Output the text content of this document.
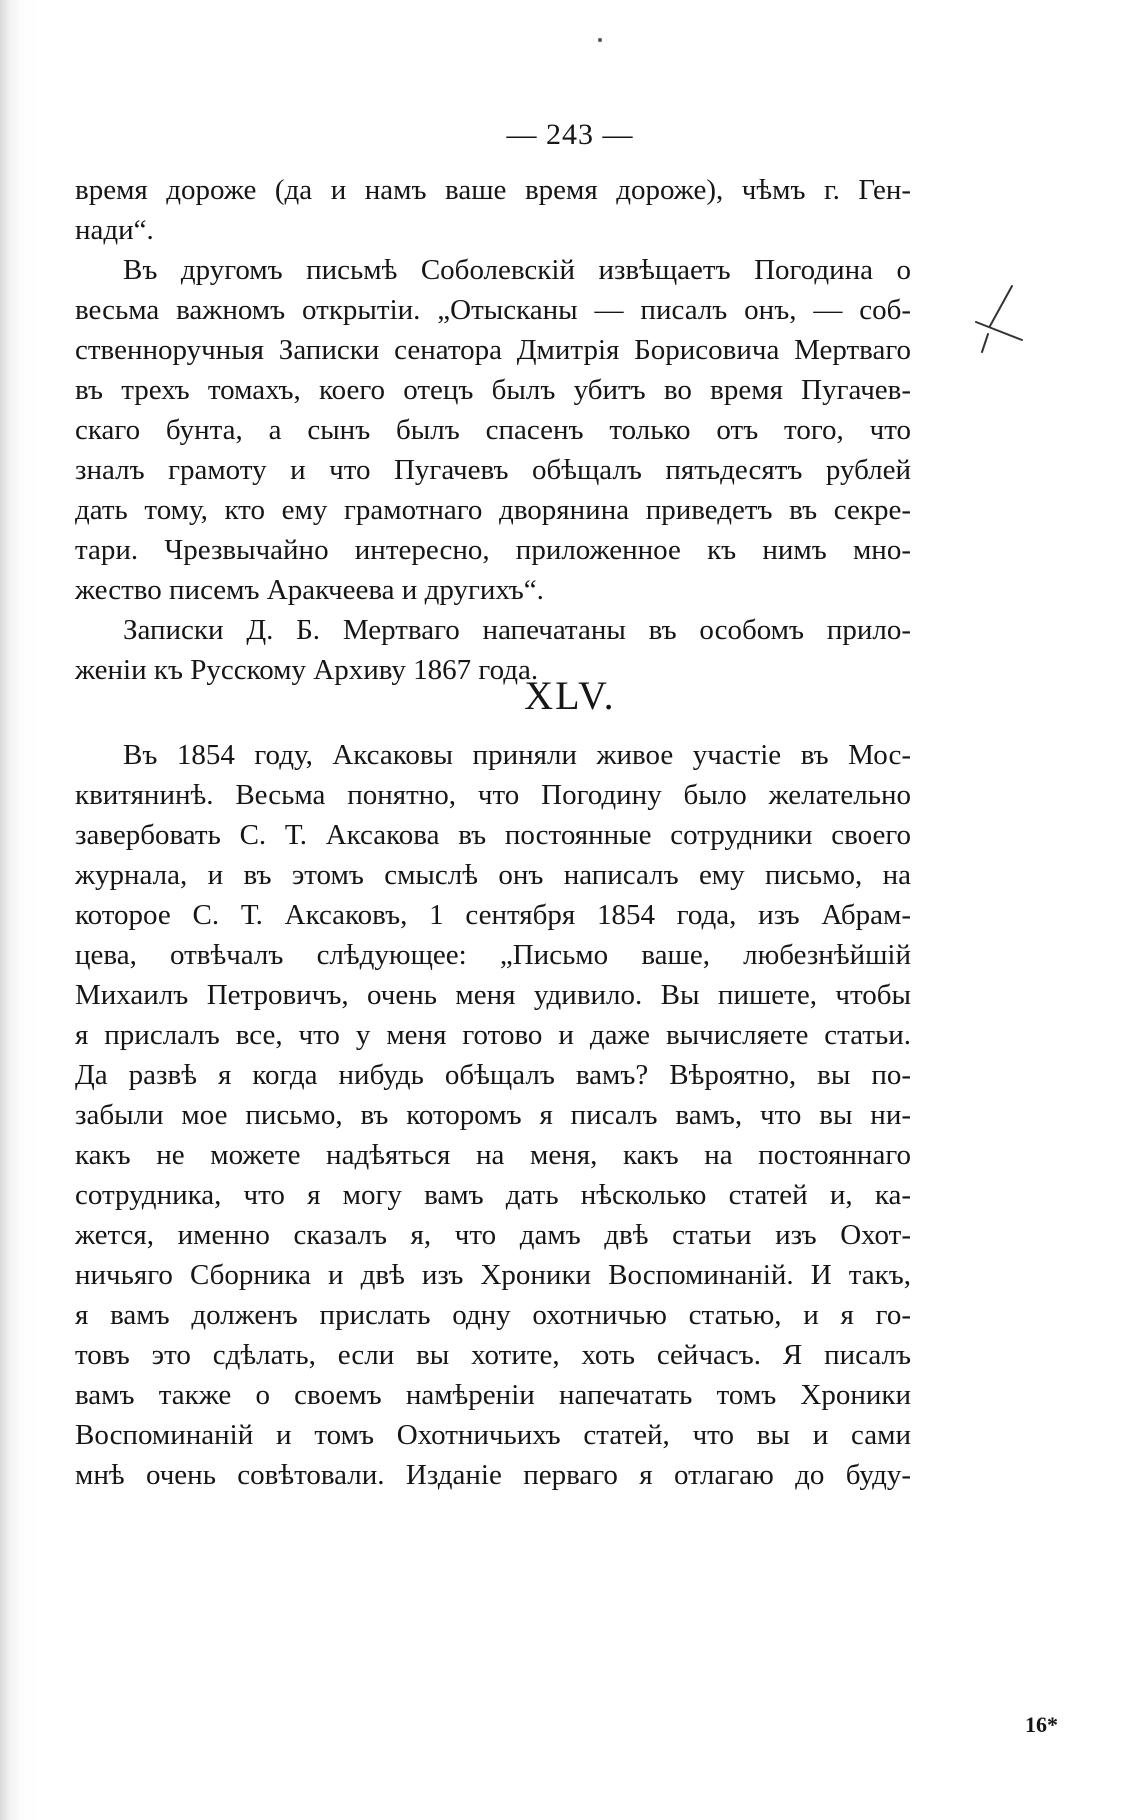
— 243 —
время дороже (да и намъ ваше время дороже), чѣмъ г. Ген-
нади“.
Въ другомъ письмѣ Соболевскій извѣщаетъ Погодина о
весьма важномъ открытіи. „Отысканы — писалъ онъ, — соб-
ственноручныя Записки сенатора Дмитрія Борисовича Мертваго
въ трехъ томахъ, коего отецъ былъ убитъ во время Пугачев-
скаго бунта, а сынъ былъ спасенъ только отъ того, что
зналъ грамоту и что Пугачевъ обѣщалъ пятьдесятъ рублей
дать тому, кто ему грамотнаго дворянина приведетъ въ секре-
тари. Чрезвычайно интересно, приложенное къ нимъ мно-
жество писемъ Аракчеева и другихъ“.
Записки Д. Б. Мертваго напечатаны въ особомъ прило-
женіи къ Русскому Архиву 1867 года.
XLV.
Въ 1854 году, Аксаковы приняли живое участіе въ Мос-
квитянинѣ. Весьма понятно, что Погодину было желательно
завербовать С. Т. Аксакова въ постоянные сотрудники своего
журнала, и въ этомъ смыслѣ онъ написалъ ему письмо, на
которое С. Т. Аксаковъ, 1 сентября 1854 года, изъ Абрам-
цева, отвѣчалъ слѣдующее: „Письмо ваше, любезнѣйшій
Михаилъ Петровичъ, очень меня удивило. Вы пишете, чтобы
я прислалъ все, что у меня готово и даже вычисляете статьи.
Да развѣ я когда нибудь обѣщалъ вамъ? Вѣроятно, вы по-
забыли мое письмо, въ которомъ я писалъ вамъ, что вы ни-
какъ не можете надѣяться на меня, какъ на постояннаго
сотрудника, что я могу вамъ дать нѣсколько статей и, ка-
жется, именно сказалъ я, что дамъ двѣ статьи изъ Охот-
ничьяго Сборника и двѣ изъ Хроники Воспоминаній. И такъ,
я вамъ долженъ прислать одну охотничью статью, и я го-
товъ это сдѣлать, если вы хотите, хоть сейчасъ. Я писалъ
вамъ также о своемъ намѣреніи напечатать томъ Хроники
Воспоминаній и томъ Охотничьихъ статей, что вы и сами
мнѣ очень совѣтовали. Изданіе перваго я отлагаю до буду-
16*
